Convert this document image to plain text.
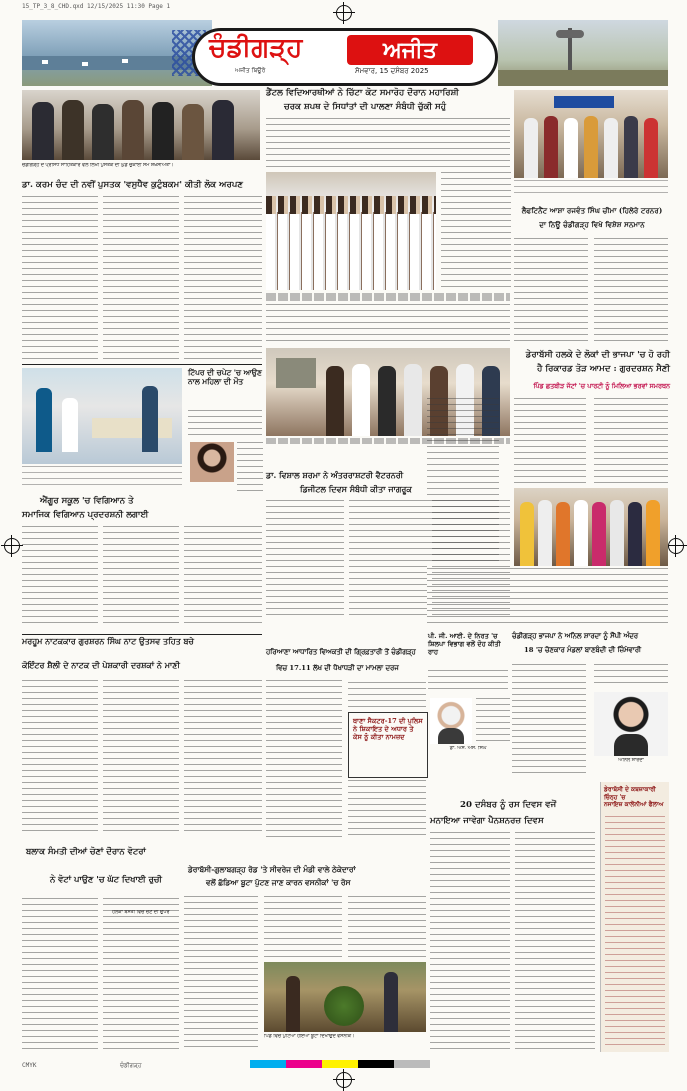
15_TP_3_8_CHD.qxd 12/15/2025 11:30 Page 1
ਚੰਡੀਗੜ੍ਹ	ਅਜੀਤ
ਅਜੀਤ ਬਿਊਰੋ	ਸੋਮਵਾਰ, 15 ਦਸੰਬਰ 2025
ਚੰਡੀਗੜ੍ਹ ਦੇ ਪ੍ਰਸਿੱਧ ਸਾਹਿਤਕਾਰ ਵਲੋਂ ਲਿਖੀ ਪੁਸਤਕ ਦੀ ਘੁੰਡ ਚੁਕਾਈ ਸਮੇਂ ਸ਼ਖ਼ਸੀਅਤਾਂ।
ਡਾ. ਕਰਮ ਚੰਦ ਦੀ ਨਵੀਂ ਪੁਸਤਕ 'ਵਸੁਧੈਵ ਕੁਟੁੰਬਕਮ' ਕੀਤੀ ਲੋਕ ਅਰਪਣ
ਡੈਂਟਲ ਵਿਦਿਆਰਥੀਆਂ ਨੇ ਚਿੱਟਾ ਕੋਟ ਸਮਾਰੋਹ ਦੌਰਾਨ ਮਹਾਰਿਸ਼ੀ
ਚਰਕ ਸ਼ਪਥ ਦੇ ਸਿਧਾਂਤਾਂ ਦੀ ਪਾਲਣਾ ਸੰਬੰਧੀ ਚੁੱਕੀ ਸਹੁੰ
ਲੈਫਟਿਨੈਂਟ ਆਸ਼ਾ ਰਜਵੰਤ ਸਿੰਘ ਚੀਮਾ (ਹਿਲੇਰੇ ਟਰਨਰ)
ਦਾ ਨਿਊ ਚੰਡੀਗੜ੍ਹ ਵਿਖੇ ਵਿਸ਼ੇਸ਼ ਸਨਮਾਨ
ਟਿੱਪਰ ਦੀ ਚਪੇਟ 'ਚ ਆਉਣ ਨਾਲ ਮਹਿਲਾ ਦੀ ਮੌਤ
ਐਂਗੂਰ ਸਕੂਲ 'ਚ ਵਿਗਿਆਨ ਤੇ
ਸਮਾਜਿਕ ਵਿਗਿਆਨ ਪ੍ਰਦਰਸ਼ਨੀ ਲਗਾਈ
ਡਾ. ਵਿਸ਼ਾਲ ਸ਼ਰਮਾ ਨੇ ਅੰਤਰਰਾਸ਼ਟਰੀ ਵੈਟਰਨਰੀ
ਡਿਜੀਟਲ ਦਿਵਸ ਸੰਬੰਧੀ ਕੀਤਾ ਜਾਗਰੂਕ
ਡੇਰਾਬੱਸੀ ਹਲਕੇ ਦੇ ਲੋਕਾਂ ਦੀ ਭਾਜਪਾ 'ਚ ਹੋ ਰਹੀ
ਹੈ ਰਿਕਾਰਡ ਤੋੜ ਆਮਦ : ਗੁਰਦਰਸ਼ਨ ਸੈਣੀ
ਪਿੰਡ ਛਤਬੀੜ ਜੱਟਾਂ 'ਚ ਪਾਰਟੀ ਨੂੰ ਮਿਲਿਆ ਭਰਵਾਂ ਸਮਰਥਨ
ਮਰਹੂਮ ਨਾਟਕਕਾਰ ਗੁਰਸ਼ਰਨ ਸਿੰਘ ਨਾਟ ਉਤਸਵ ਤਹਿਤ ਬਚੇ
ਕੋਇੰਟਰ ਸ਼ੈਲੀ ਦੇ ਨਾਟਕ ਦੀ ਪੇਸ਼ਕਾਰੀ ਦਰਸ਼ਕਾਂ ਨੇ ਮਾਣੀ
ਹਰਿਆਣਾ ਆਧਾਰਿਤ ਵਿਅਕਤੀ ਦੀ ਗ੍ਰਿਫ਼ਤਾਰੀ ਤੋਂ ਚੰਡੀਗੜ੍ਹ
ਵਿਚ 17.11 ਲੱਖ ਦੀ ਧੋਖਾਧੜੀ ਦਾ ਮਾਮਲਾ ਦਰਜ
ਥਾਣਾ ਸੈਕਟਰ-17 ਦੀ ਪੁਲਿਸ ਨੇ ਸ਼ਿਕਾਇਤ ਦੇ ਅਧਾਰ ਤੇ ਕੇਸ ਨੂੰ ਕੀਤਾ ਨਾਮਜ਼ਦ
ਪੀ. ਜੀ. ਆਈ. ਦੇ ਨਿਰਤ 'ਚ ਸ਼ਿਲਪਾ ਵਿਭਾਗ ਵਲੋਂ ਦੋਹ ਕੀਤੀ ਰਾਹ
ਡਾ. ਐਸ. ਐਸ. ਸਿੰਘ
ਚੰਡੀਗੜ੍ਹ ਭਾਜਪਾ ਨੇ ਅਨਿਲ ਸ਼ਾਰਦਾ ਨੂੰ ਸੌਂਪੀ ਅੰਦਰ
18 'ਚ ਚੋਣਕਾਰ ਮੰਡਲਾਂ ਬਾਣਬੰਦੀ ਦੀ ਜ਼ਿੰਮੇਵਾਰੀ
ਅਨਿਲ ਸ਼ਾਰਦਾ
20 ਦਸੰਬਰ ਨੂੰ ਰਸ ਦਿਵਸ ਵਜੋਂ
ਮਨਾਇਆ ਜਾਵੇਗਾ ਪੈਨਸ਼ਨਰਜ਼ ਦਿਵਸ
ਡੇਰਾਬੱਸੀ ਦੇ ਕਬਜ਼ਾਕਾਰੀ ਚਿੰਨ੍ਹ 'ਚ
ਨਜਾਇਜ਼ ਕਾਲੋਨੀਆਂ ਫੈਲਾਅ
ਬਲਾਕ ਸੰਮਤੀ ਦੀਆਂ ਚੋਣਾਂ ਦੌਰਾਨ ਵੋਟਰਾਂ
ਨੇ ਵੋਟਾਂ ਪਾਉਣ 'ਚ ਘੱਟ ਦਿਖਾਈ ਰੁਚੀ
ਡੇਰਾਬੱਸੀ-ਗੁਲਾਬਗੜ੍ਹ ਰੋਡ 'ਤੇ ਸੀਵਰੇਜ ਦੀ ਮੰਡੀ ਵਾਲੇ ਠੇਕੇਦਾਰਾਂ
ਵਲੋਂ ਛੱਡਿਆ ਬੂਟਾ ਪੁੱਟਣ ਜਾਣ ਕਾਰਨ ਵਸਨੀਕਾਂ 'ਚ ਰੋਸ
ਹਲਕਾ ਬਸਤੀ ਵਿਚ ਚੋਣ ਦੀ ਉਪਰ
ਪਿੰਡ ਵਿਚ ਪੁੱਟਿਆ ਹੋਇਆ ਬੂਟਾ ਦਿਖਾਉਂਦੇ ਵਸਨੀਕ।
CMYK	ਚੰਡੀਗੜ੍ਹ
